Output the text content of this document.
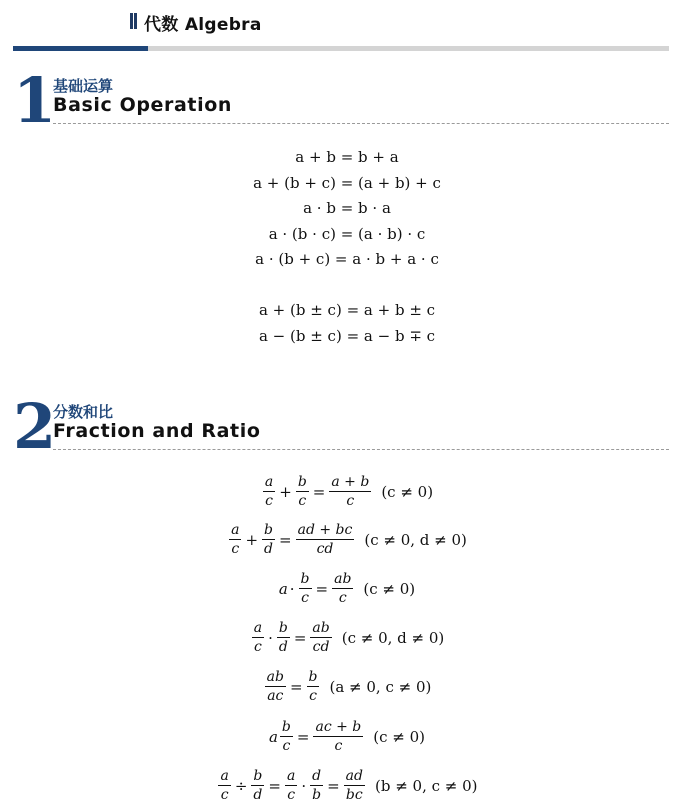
代数 Algebra
1
基础运算
Basic Operation
a + b = b + a
a + (b + c) = (a + b) + c
a · b = b · a
a · (b · c) = (a · b) · c
a · (b + c) = a · b + a · c
a + (b ± c) = a + b ± c
a − (b ± c) = a − b ∓ c
2
分数和比
Fraction and Ratio
$\frac{a}{c} + \frac{b}{c} = \frac{a + b}{c} (c \ne 0)$
$\frac{a}{c} + \frac{b}{d} = \frac{ad + bc}{cd} (c \ne 0$, d ≠ 0)
$a \cdot \frac{b}{c} = \frac{ab}{c} (c \ne 0)$
$\frac{a}{c} \cdot \frac{b}{d} = \frac{ab}{cd} (c \ne 0$, d ≠ 0)
$\frac{ab}{ac} = \frac{b}{c} (a \ne 0$, c ≠ 0)
a $\frac{b}{c} = \frac{ac + b}{c} (c \ne 0)$
$\frac{a}{c} \div \frac{b}{d} = \frac{a}{c} \cdot \frac{d}{b} = \frac{ad}{bc} (b \ne 0$, c ≠ 0)
